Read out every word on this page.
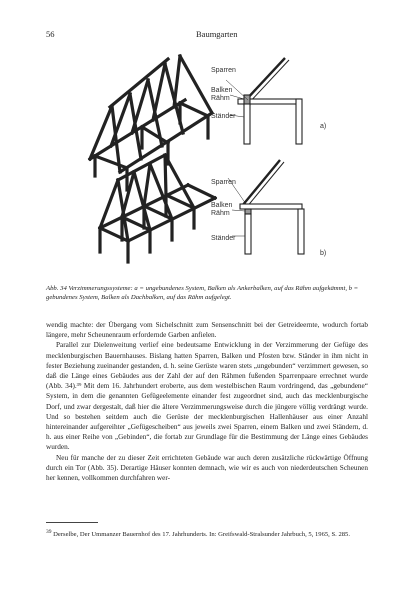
56	Baumgarten
Sparren
Balken
Rähm
Ständer
a)
Sparren
Balken
Rähm
Ständer
b)
Abb. 34 Verzimmerungssysteme: a = ungebundenes System, Balken als Ankerbalken, auf das Rähm aufgekämmt, b = gebundenes System, Balken als Dachbalken, auf das Rähm aufgelegt.

wendig machte: der Übergang vom Sichelschnitt zum Sensenschnitt bei der Getreideernte, wodurch fortab längere, mehr Scheunenraum erfordernde Garben anfielen.

Parallel zur Dielenweitung verlief eine bedeutsame Entwicklung in der Verzimmerung der Gefüge des mecklenburgischen Bauernhauses. Bislang hatten Sparren, Balken und Pfosten bzw. Ständer in ihm nicht in fester Beziehung zueinander gestanden, d. h. seine Gerüste waren stets „ungebunden“ verzimmert gewesen, so daß die Länge eines Gebäudes aus der Zahl der auf den Rähmen fußenden Sparrenpaare errechnet wurde (Abb. 34).³⁹ Mit dem 16. Jahrhundert eroberte, aus dem westelbischen Raum vordringend, das „gebundene“ System, in dem die genannten Gefügeelemente einander fest zugeordnet sind, auch das mecklenburgische Dorf, und zwar dergestalt, daß hier die ältere Verzimmerungsweise durch die jüngere völlig verdrängt wurde. Und so bestehen seitdem auch die Gerüste der mecklenburgischen Hallenhäuser aus einer Anzahl hintereinander aufgereihter „Gefügescheiben“ aus jeweils zwei Sparren, einem Balken und zwei Ständern, d. h. aus einer Reihe von „Gebinden“, die fortab zur Grundlage für die Bestimmung der Länge eines Gebäudes wurden.

Neu für manche der zu dieser Zeit errichteten Gebäude war auch deren zusätzliche rückwärtige Öffnung durch ein Tor (Abb. 35). Derartige Häuser konnten demnach, wie wir es auch von niederdeutschen Scheunen her kennen, vollkommen durchfahren wer-

$^{39}$ Derselbe, Der Ummanzer Bauernhof des 17. Jahrhunderts. In: Greifswald-Stralsunder Jahrbuch, 5, 1965, S. 285.
